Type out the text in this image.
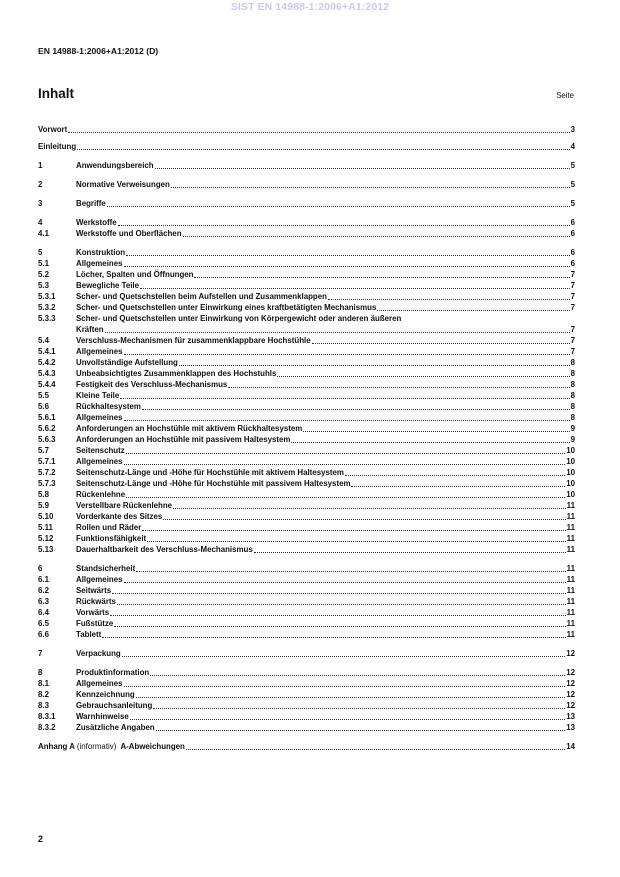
SIST EN 14988-1:2006+A1:2012
EN 14988-1:2006+A1:2012 (D)
Inhalt	Seite
Vorwort	3
Einleitung	4
1	Anwendungsbereich	5
2	Normative Verweisungen	5
3	Begriffe	5
4	Werkstoffe	6
4.1	Werkstoffe und Oberflächen	6
5	Konstruktion	6
5.1	Allgemeines	6
5.2	Löcher, Spalten und Öffnungen	7
5.3	Bewegliche Teile	7
5.3.1	Scher- und Quetschstellen beim Aufstellen und Zusammenklappen	7
5.3.2	Scher- und Quetschstellen unter Einwirkung eines kraftbetätigten Mechanismus	7
5.3.3	Scher- und Quetschstellen unter Einwirkung von Körpergewicht oder anderen äußeren
Kräften	7
5.4	Verschluss-Mechanismen für zusammenklappbare Hochstühle	7
5.4.1	Allgemeines	7
5.4.2	Unvollständige Aufstellung	8
5.4.3	Unbeabsichtigtes Zusammenklappen des Hochstuhls	8
5.4.4	Festigkeit des Verschluss-Mechanismus	8
5.5	Kleine Teile	8
5.6	Rückhaltesystem	8
5.6.1	Allgemeines	8
5.6.2	Anforderungen an Hochstühle mit aktivem Rückhaltesystem	9
5.6.3	Anforderungen an Hochstühle mit passivem Haltesystem	9
5.7	Seitenschutz	10
5.7.1	Allgemeines	10
5.7.2	Seitenschutz-Länge und -Höhe für Hochstühle mit aktivem Haltesystem	10
5.7.3	Seitenschutz-Länge und -Höhe für Hochstühle mit passivem Haltesystem	10
5.8	Rückenlehne	10
5.9	Verstellbare Rückenlehne	11
5.10	Vorderkante des Sitzes	11
5.11	Rollen und Räder	11
5.12	Funktionsfähigkeit	11
5.13	Dauerhaltbarkeit des Verschluss-Mechanismus	11
6	Standsicherheit	11
6.1	Allgemeines	11
6.2	Seitwärts	11
6.3	Rückwärts	11
6.4	Vorwärts	11
6.5	Fußstütze	11
6.6	Tablett	11
7	Verpackung	12
8	Produktinformation	12
8.1	Allgemeines	12
8.2	Kennzeichnung	12
8.3	Gebrauchsanleitung	12
8.3.1	Warnhinweise	13
8.3.2	Zusätzliche Angaben	13
Anhang A (informativ) A-Abweichungen	14
2
